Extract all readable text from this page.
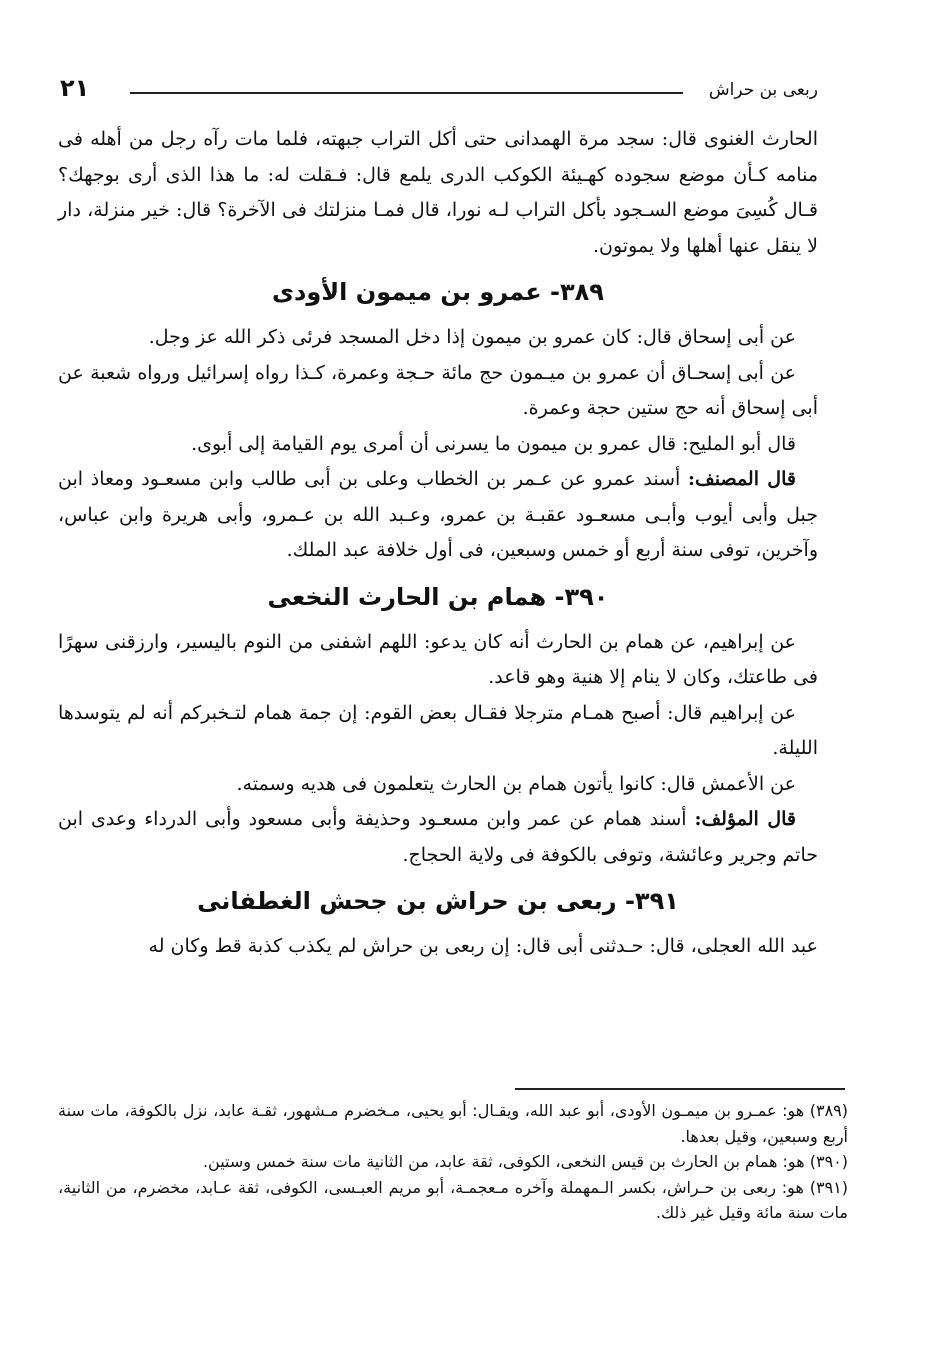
٢١	ربعى بن حراش

الحارث الغنوى قال: سجد مرة الهمدانى حتى أكل التراب جبهته، فلما مات رآه رجل من أهله فى منامه كـأن موضع سجوده كهـيئة الكوكب الدرى يلمع قال: فـقلت له: ما هذا الذى أرى بوجهك؟ قـال كُسِىَ موضع السـجود بأكل التراب لـه نورا، قال فمـا منزلتك فى الآخرة؟ قال: خير منزلة، دار لا ينقل عنها أهلها ولا يموتون.

٣٨٩- عمرو بن ميمون الأودى

عن أبى إسحاق قال: كان عمرو بن ميمون إذا دخل المسجد فرئى ذكر الله عز وجل.

عن أبى إسحـاق أن عمرو بن ميـمون حج مائة حـجة وعمرة، كـذا رواه إسرائيل ورواه شعبة عن أبى إسحاق أنه حج ستين حجة وعمرة.

قال أبو المليح: قال عمرو بن ميمون ما يسرنى أن أمرى يوم القيامة إلى أبوى.

قال المصنف: أسند عمرو عن عـمر بن الخطاب وعلى بن أبى طالب وابن مسعـود ومعاذ ابن جبل وأبى أيوب وأبـى مسعـود عقبـة بن عمرو، وعـبد الله بن عـمرو، وأبى هريرة وابن عباس، وآخرين، توفى سنة أربع أو خمس وسبعين، فى أول خلافة عبد الملك.

٣٩٠- همام بن الحارث النخعى

عن إبراهيم، عن همام بن الحارث أنه كان يدعو: اللهم اشفنى من النوم باليسير، وارزقنى سهرًا فى طاعتك، وكان لا ينام إلا هنية وهو قاعد.

عن إبراهيم قال: أصبح همـام مترجلا فقـال بعض القوم: إن جمة همام لتـخبركم أنه لم يتوسدها الليلة.

عن الأعمش قال: كانوا يأتون همام بن الحارث يتعلمون فى هديه وسمته.

قال المؤلف: أسند همام عن عمر وابن مسعـود وحذيفة وأبى مسعود وأبى الدرداء وعدى ابن حاتم وجرير وعائشة، وتوفى بالكوفة فى ولاية الحجاج.

٣٩١- ربعى بن حراش بن جحش الغطفانى

عبد الله العجلى، قال: حـدثنى أبى قال: إن ربعى بن حراش لم يكذب كذبة قط وكان له

(٣٨٩) هو: عمـرو بن ميمـون الأودى، أبو عبد الله، ويقـال: أبو يحيى، مـخضرم مـشهور، ثقـة عابد، نزل بالكوفة، مات سنة أربع وسبعين، وقيل بعدها.

(٣٩٠) هو: همام بن الحارث بن قيس النخعى، الكوفى، ثقة عابد، من الثانية مات سنة خمس وستين.

(٣٩١) هو: ربعى بن حـراش، بكسر الـمهملة وآخره مـعجمـة، أبو مريم العبـسى، الكوفى، ثقة عـابد، مخضرم، من الثانية، مات سنة مائة وقيل غير ذلك.
